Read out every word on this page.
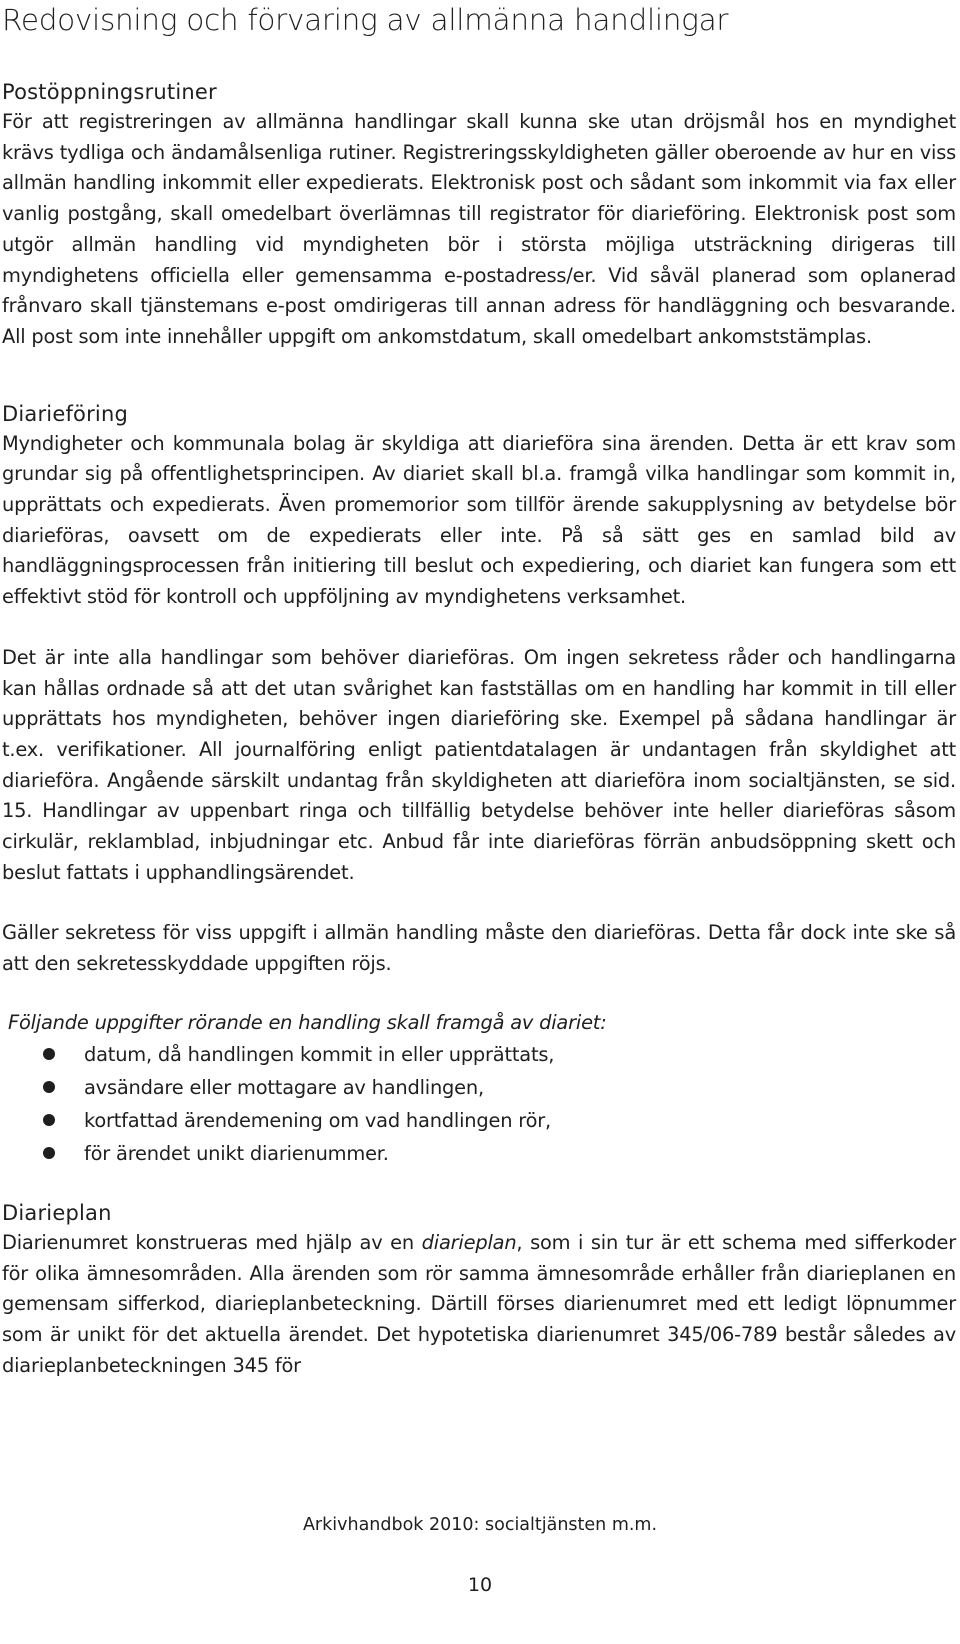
Redovisning och förvaring av allmänna handlingar
Postöppningsrutiner

För att registreringen av allmänna handlingar skall kunna ske utan dröjsmål hos en myndighet krävs tydliga och ändamålsenliga rutiner. Registreringsskyldigheten gäller oberoende av hur en viss allmän handling inkommit eller expedierats. Elektronisk post och sådant som inkommit via fax eller vanlig postgång, skall omedelbart överlämnas till registrator för diarieföring. Elektronisk post som utgör allmän handling vid myndigheten bör i största möjliga utsträckning dirigeras till myndighetens officiella eller gemensamma e-postadress/er. Vid såväl planerad som oplanerad frånvaro skall tjänstemans e-post omdirigeras till annan adress för handläggning och besvarande. All post som inte innehåller uppgift om ankomstdatum, skall omedelbart ankomststämplas.

Diarieföring

Myndigheter och kommunala bolag är skyldiga att diarieföra sina ärenden. Detta är ett krav som grundar sig på offentlighetsprincipen. Av diariet skall bl.a. framgå vilka handlingar som kommit in, upprättats och expedierats. Även promemorior som tillför ärende sakupplysning av betydelse bör diarieföras, oavsett om de expedierats eller inte. På så sätt ges en samlad bild av handläggningsprocessen från initiering till beslut och expediering, och diariet kan fungera som ett effektivt stöd för kontroll och uppföljning av myndighetens verksamhet.

Det är inte alla handlingar som behöver diarieföras. Om ingen sekretess råder och handlingarna kan hållas ordnade så att det utan svårighet kan fastställas om en handling har kommit in till eller upprättats hos myndigheten, behöver ingen diarieföring ske. Exempel på sådana handlingar är t.ex. verifikationer. All journalföring enligt patientdatalagen är undantagen från skyldighet att diarieföra. Angående särskilt undantag från skyldigheten att diarieföra inom socialtjänsten, se sid. 15. Handlingar av uppenbart ringa och tillfällig betydelse behöver inte heller diarieföras såsom cirkulär, reklamblad, inbjudningar etc. Anbud får inte diarieföras förrän anbudsöppning skett och beslut fattats i upphandlingsärendet.

Gäller sekretess för viss uppgift i allmän handling måste den diarieföras. Detta får dock inte ske så att den sekretesskyddade uppgiften röjs.

Följande uppgifter rörande en handling skall framgå av diariet:

datum, då handlingen kommit in eller upprättats,
avsändare eller mottagare av handlingen,
kortfattad ärendemening om vad handlingen rör,
för ärendet unikt diarienummer.
Diarieplan

Diarienumret konstrueras med hjälp av en diarieplan, som i sin tur är ett schema med sifferkoder för olika ämnesområden. Alla ärenden som rör samma ämnesområde erhåller från diarieplanen en gemensam sifferkod, diarieplanbeteckning. Därtill förses diarienumret med ett ledigt löpnummer som är unikt för det aktuella ärendet. Det hypotetiska diarienumret 345/06-789 består således av diarieplanbeteckningen 345 för

Arkivhandbok 2010: socialtjänsten m.m.
10
